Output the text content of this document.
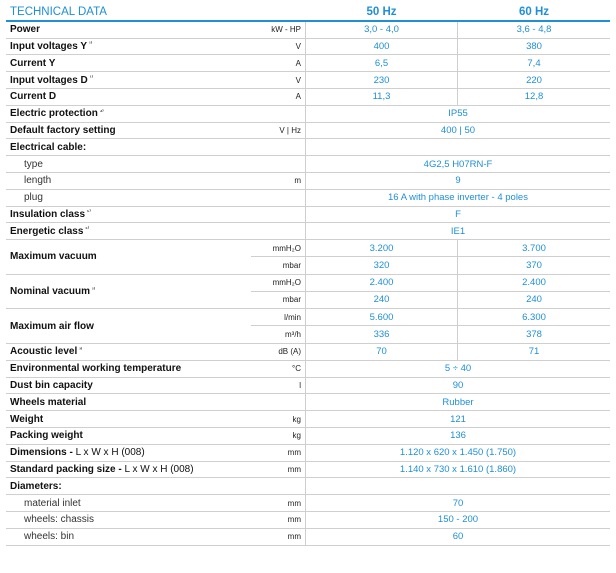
TECHNICAL DATA	50 Hz	60 Hz
Power	kW - HP	3,0 - 4,0	3,6 - 4,8
Input voltages Y $^{^{1)}}$	V	400	380
Current Y	A	6,5	7,4
Input voltages D $^{^{1)}}$	V	230	220
Current D	A	11,3	12,8
Electric protection $^{^{4)}}$	IP55
Default factory setting	V | Hz	400 | 50
Electrical cable:
type	4G2,5 H07RN-F
length	m	9
plug	16 A with phase inverter - 4 poles
Insulation class $^{^{5)}}$	F
Energetic class $^{^{6)}}$	IE1
Maximum vacuum
mmH₂O	3.200	3.700
mbar	320	370
Nominal vacuum $^{^{2)}}$
mmH₂O	2.400	2.400
mbar	240	240
Maximum air flow
l/min	5.600	6.300
m³/h	336	378
Acoustic level $^{^{3)}}$	dB (A)	70	71
Environmental working temperature	°C	5 ÷ 40
Dust bin capacity	l	90
Wheels material	Rubber
Weight	kg	121
Packing weight	kg	136
Dimensions - L x W x H (008)	mm	1.120 x 620 x 1.450 (1.750)
Standard packing size - L x W x H (008)	mm	1.140 x 730 x 1.610 (1.860)
Diameters:
material inlet	mm	70
wheels: chassis	mm	150 - 200
wheels: bin	mm	60
